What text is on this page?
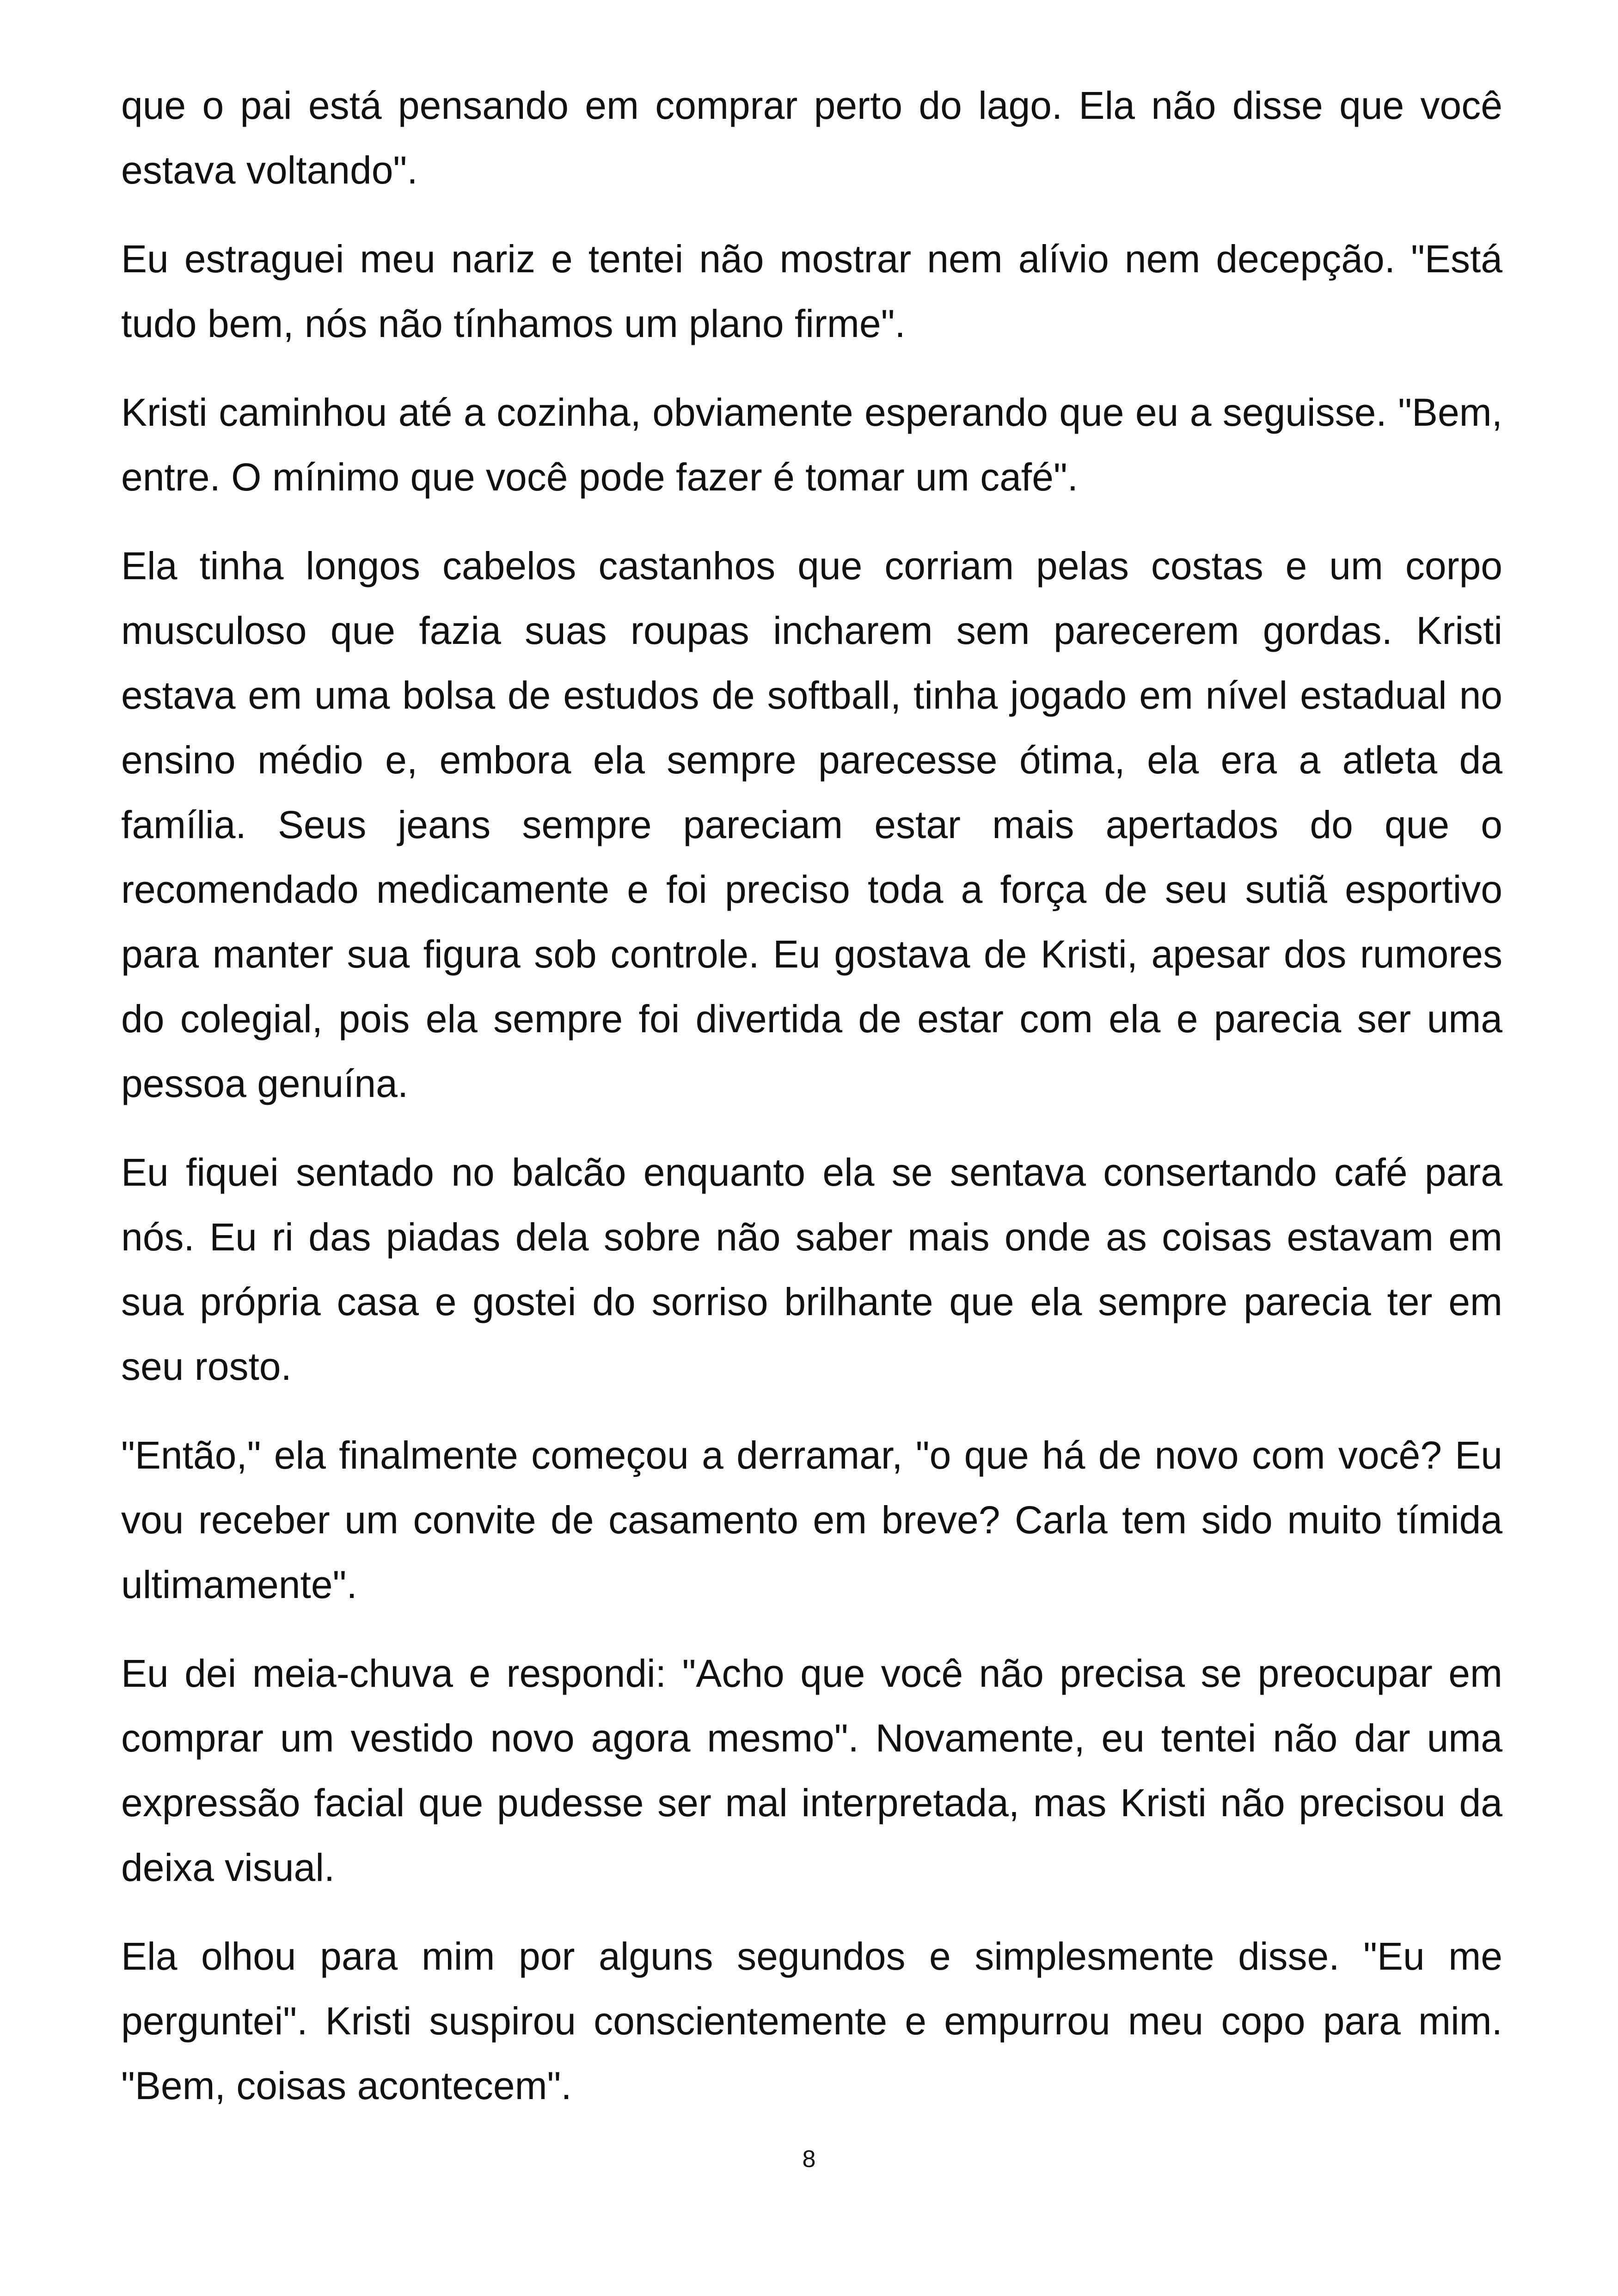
que o pai está pensando em comprar perto do lago. Ela não disse que você estava voltando".

Eu estraguei meu nariz e tentei não mostrar nem alívio nem decepção. "Está tudo bem, nós não tínhamos um plano firme".

Kristi caminhou até a cozinha, obviamente esperando que eu a seguisse. "Bem, entre. O mínimo que você pode fazer é tomar um café".

Ela tinha longos cabelos castanhos que corriam pelas costas e um corpo musculoso que fazia suas roupas incharem sem parecerem gordas. Kristi estava em uma bolsa de estudos de softball, tinha jogado em nível estadual no ensino médio e, embora ela sempre parecesse ótima, ela era a atleta da família. Seus jeans sempre pareciam estar mais apertados do que o recomendado medicamente e foi preciso toda a força de seu sutiã esportivo para manter sua figura sob controle. Eu gostava de Kristi, apesar dos rumores do colegial, pois ela sempre foi divertida de estar com ela e parecia ser uma pessoa genuína.

Eu fiquei sentado no balcão enquanto ela se sentava consertando café para nós. Eu ri das piadas dela sobre não saber mais onde as coisas estavam em sua própria casa e gostei do sorriso brilhante que ela sempre parecia ter em seu rosto.

"Então," ela finalmente começou a derramar, "o que há de novo com você? Eu vou receber um convite de casamento em breve? Carla tem sido muito tímida ultimamente".

Eu dei meia-chuva e respondi: "Acho que você não precisa se preocupar em comprar um vestido novo agora mesmo". Novamente, eu tentei não dar uma expressão facial que pudesse ser mal interpretada, mas Kristi não precisou da deixa visual.

Ela olhou para mim por alguns segundos e simplesmente disse. "Eu me perguntei". Kristi suspirou conscientemente e empurrou meu copo para mim. "Bem, coisas acontecem".

8
